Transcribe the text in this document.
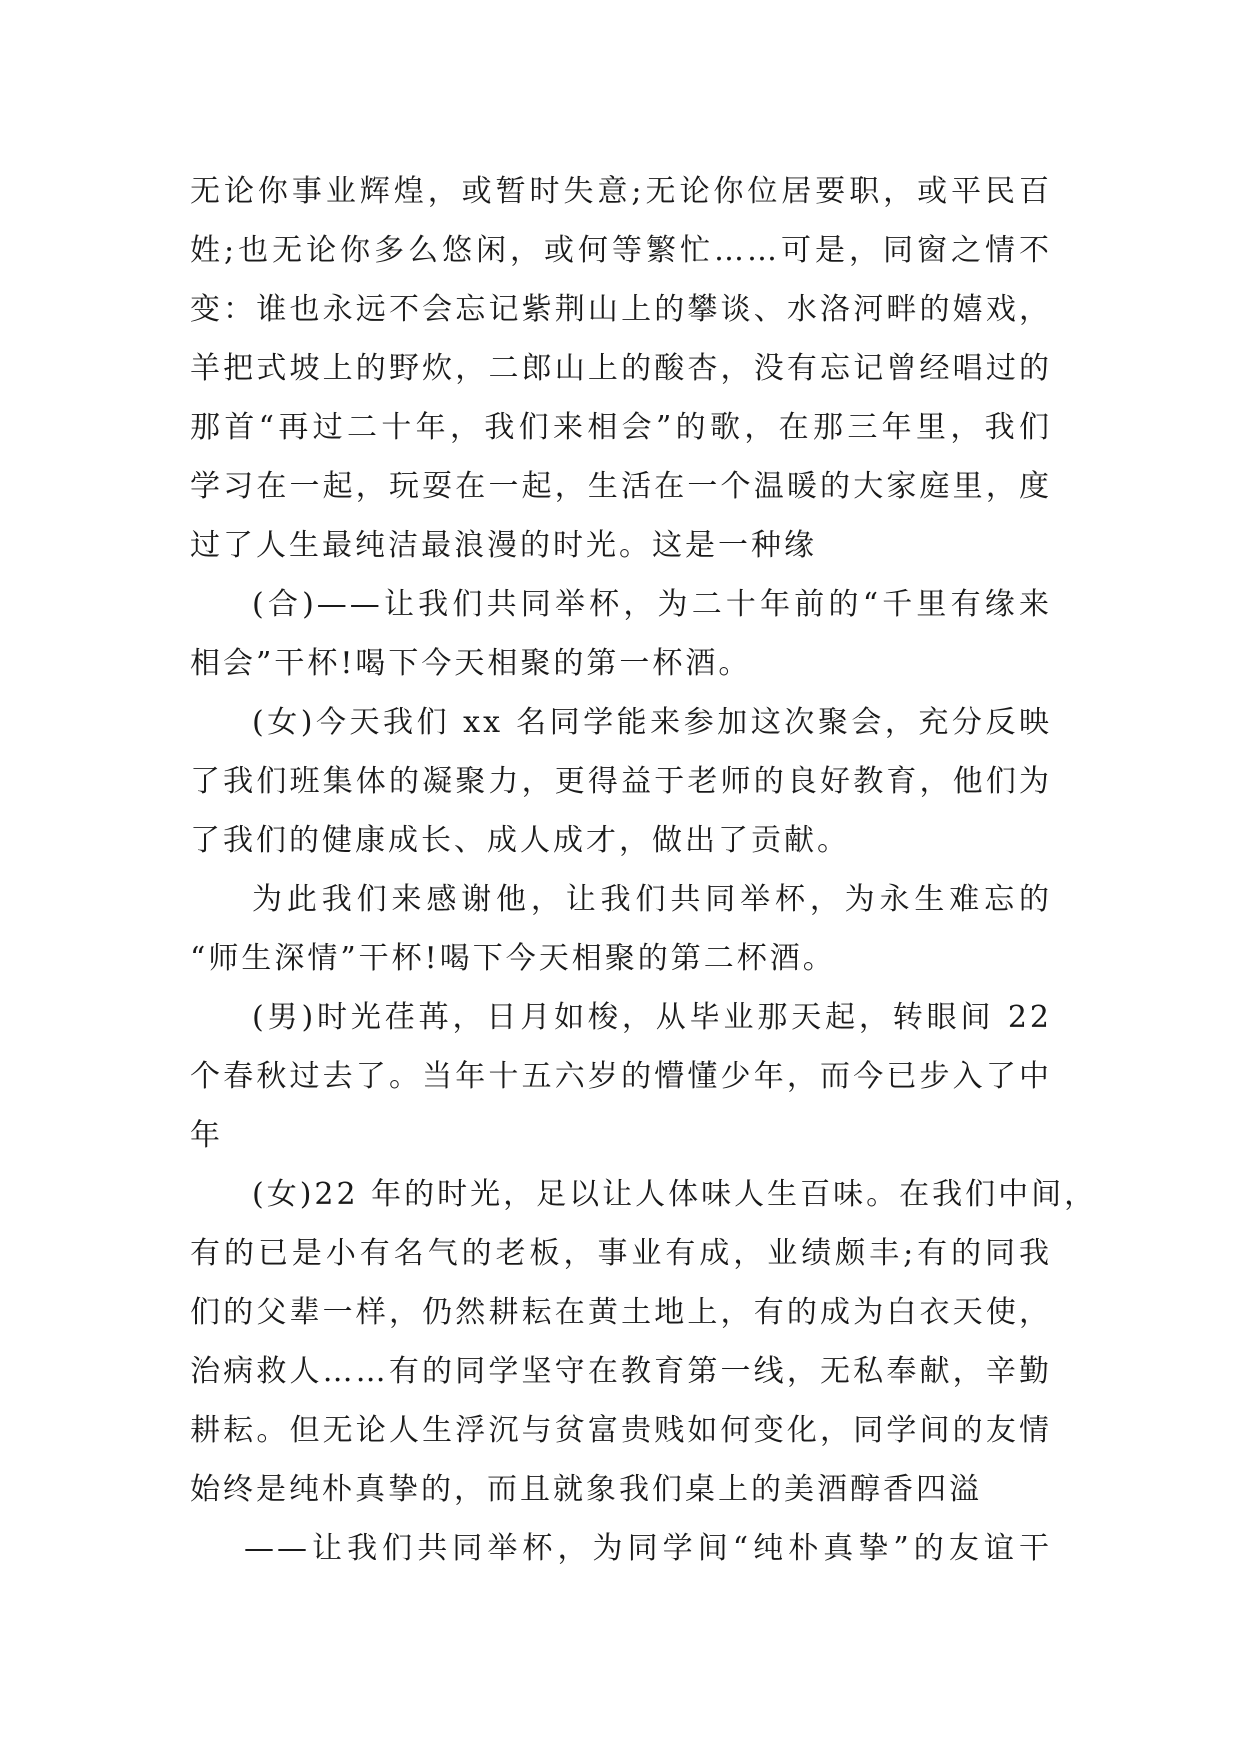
无论你事业辉煌，或暂时失意;无论你位居要职，或平民百
姓;也无论你多么悠闲，或何等繁忙……可是，同窗之情不
变：谁也永远不会忘记紫荆山上的攀谈、水洛河畔的嬉戏，
羊把式坡上的野炊，二郎山上的酸杏，没有忘记曾经唱过的
那首“再过二十年，我们来相会”的歌，在那三年里，我们
学习在一起，玩耍在一起，生活在一个温暖的大家庭里，度
过了人生最纯洁最浪漫的时光。这是一种缘
(合)——让我们共同举杯，为二十年前的“千里有缘来
相会”干杯!喝下今天相聚的第一杯酒。
(女)今天我们 xx 名同学能来参加这次聚会，充分反映
了我们班集体的凝聚力，更得益于老师的良好教育，他们为
了我们的健康成长、成人成才，做出了贡献。
为此我们来感谢他，让我们共同举杯，为永生难忘的
“师生深情”干杯!喝下今天相聚的第二杯酒。
(男)时光荏苒，日月如梭，从毕业那天起，转眼间 22
个春秋过去了。当年十五六岁的懵懂少年，而今已步入了中
年
(女)22 年的时光，足以让人体味人生百味。在我们中间，
有的已是小有名气的老板，事业有成，业绩颇丰;有的同我
们的父辈一样，仍然耕耘在黄土地上，有的成为白衣天使，
治病救人……有的同学坚守在教育第一线，无私奉献，辛勤
耕耘。但无论人生浮沉与贫富贵贱如何变化，同学间的友情
始终是纯朴真挚的，而且就象我们桌上的美酒醇香四溢
——让我们共同举杯，为同学间“纯朴真挚”的友谊干
